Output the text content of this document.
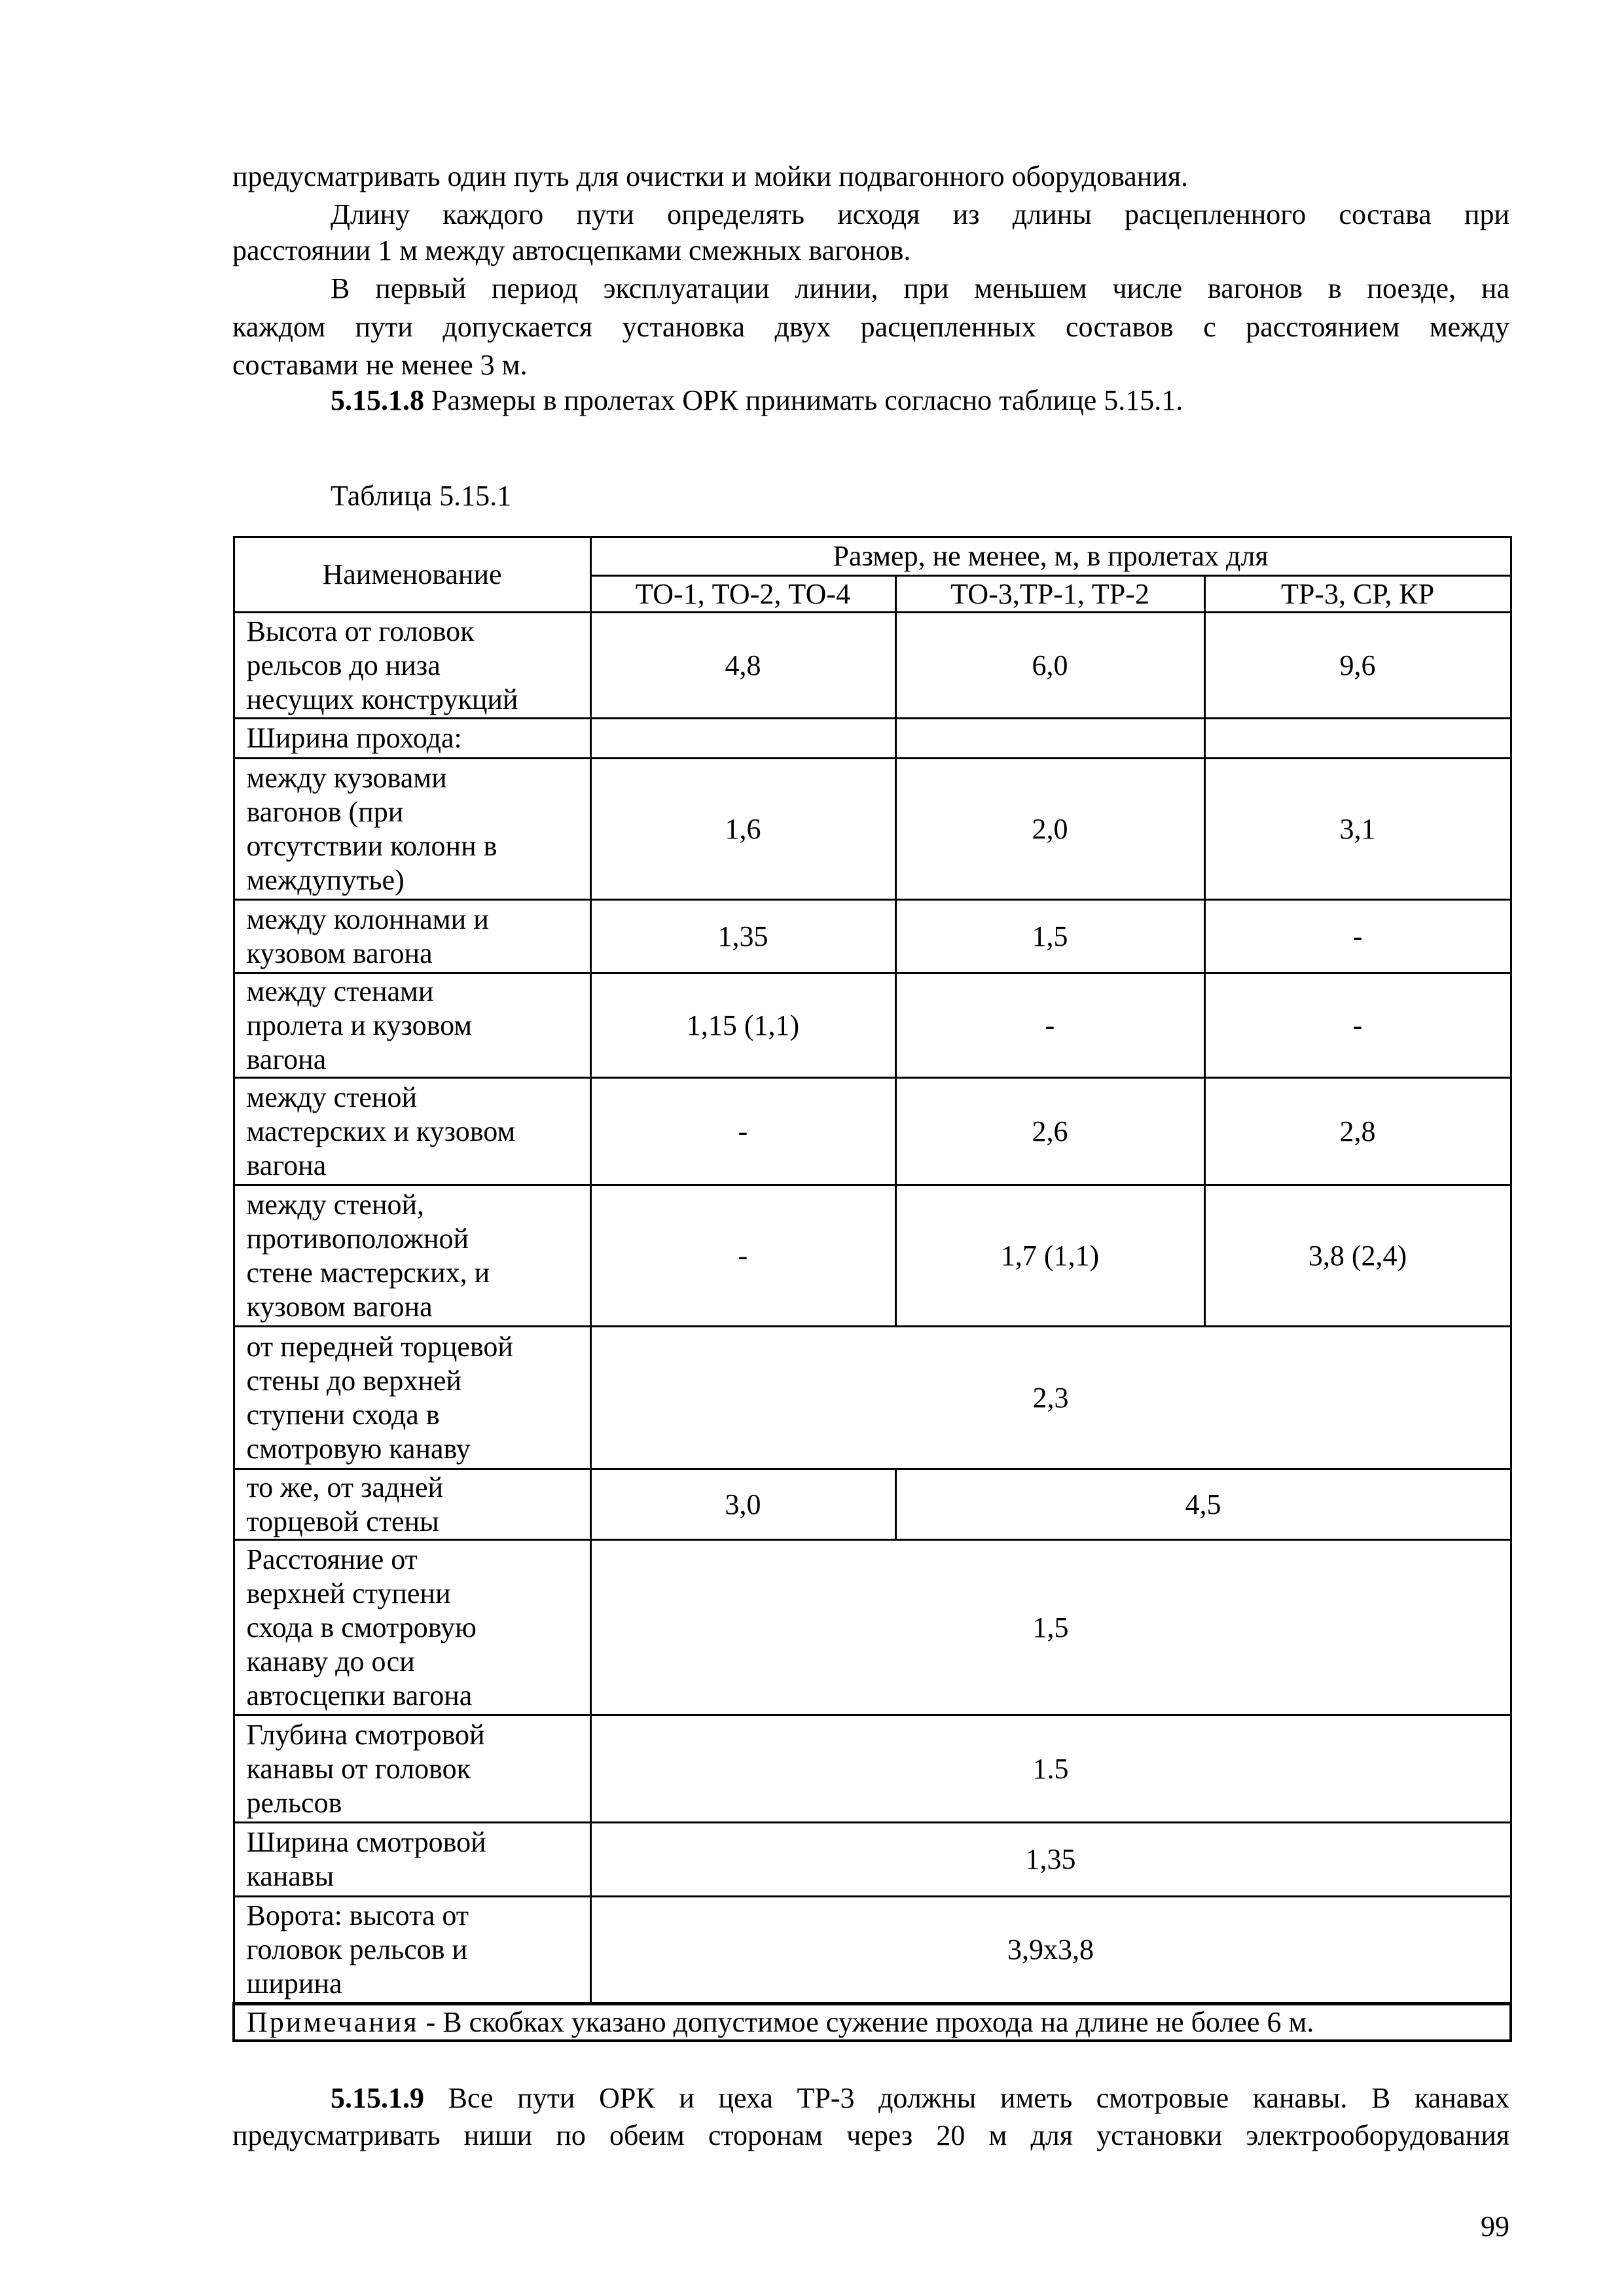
предусматривать один путь для очистки и мойки подвагонного оборудования.
Длину каждого пути определять исходя из длины расцепленного состава при
расстоянии 1 м между автосцепками смежных вагонов.
В первый период эксплуатации линии, при меньшем числе вагонов в поезде, на
каждом пути допускается установка двух расцепленных составов с расстоянием между
составами не менее 3 м.
5.15.1.8 Размеры в пролетах ОРК принимать согласно таблице 5.15.1.
Таблица 5.15.1
Наименование	Размер, не менее, м, в пролетах для		
	ТО-1, ТО-2, ТО-4	ТО-3,ТР-1, ТР-2	ТР-3, СР, КР
Высота от головок
рельсов до низа
несущих конструкций	4,8	6,0	9,6
Ширина прохода:			
между кузовами
вагонов (при
отсутствии колонн в
междупутье)	1,6	2,0	3,1
между колоннами и
кузовом вагона	1,35	1,5	-
между стенами
пролета и кузовом
вагона	1,15 (1,1)	-	-
между стеной
мастерских и кузовом
вагона	-	2,6	2,8
между стеной,
противоположной
стене мастерских, и
кузовом вагона	-	1,7 (1,1)	3,8 (2,4)
от передней торцевой
стены до верхней
ступени схода в
смотровую канаву	2,3		
то же, от задней
торцевой стены	3,0	4,5	
Расстояние от
верхней ступени
схода в смотровую
канаву до оси
автосцепки вагона	1,5		
Глубина смотровой
канавы от головок
рельсов	1.5		
Ширина смотровой
канавы	1,35		
Ворота: высота от
головок рельсов и
ширина	3,9х3,8		
Примечания - В скобках указано допустимое сужение прохода на длине не более 6 м.			
5.15.1.9 Все пути ОРК и цеха ТР-3 должны иметь смотровые канавы. В канавах
предусматривать ниши по обеим сторонам через 20 м для установки электрооборудования
99
